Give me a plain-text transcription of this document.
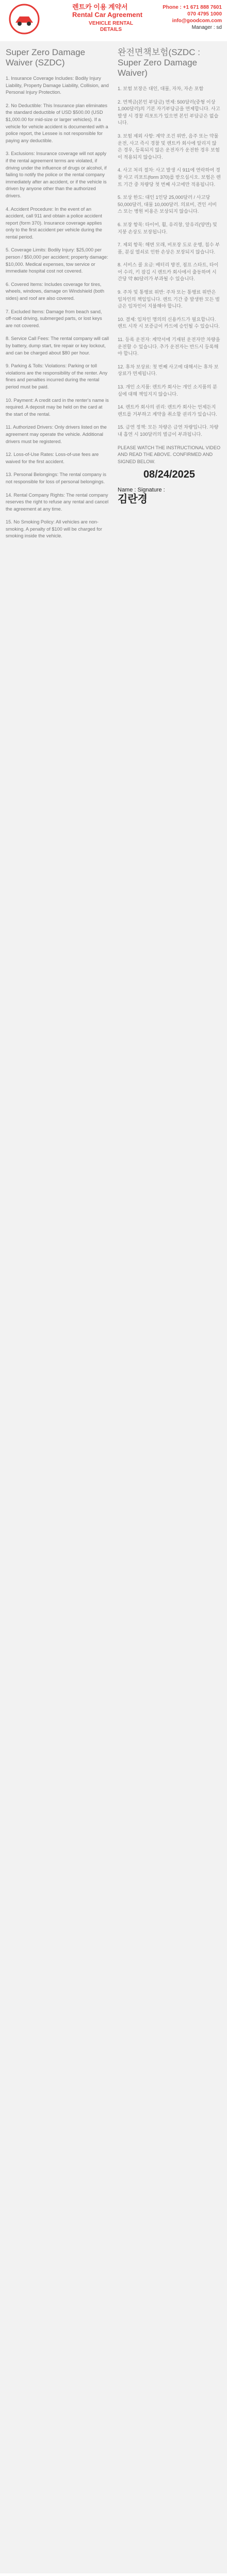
렌트카 이용 계약서
Rental Car Agreement
VEHICLE RENTAL DETAILS
Phone : +1 671 888 7601
070 4795 1000
info@goodcom.com
Manager : sd
Super Zero Damage Waiver (SZDC)

1. Insurance Coverage Includes: Bodily Injury Liability, Property Damage Liability, Collision, and Personal Injury Protection.

2. No Deductible: This Insurance plan eliminates the standard deductible of USD $500.00 (USD $1,000.00 for mid-size or larger vehicles). If a vehicle for vehicle accident is documented with a police report, the Lessee is not responsible for paying any deductible.

3. Exclusions: Insurance coverage will not apply if the rental agreement terms are violated, if driving under the influence of drugs or alcohol, if failing to notify the police or the rental company immediately after an accident, or if the vehicle is driven by anyone other than the authorized drivers.

4. Accident Procedure: In the event of an accident, call 911 and obtain a police accident report (form 370). Insurance coverage applies only to the first accident per vehicle during the rental period.

5. Coverage Limits: Bodily Injury: $25,000 per person / $50,000 per accident; property damage: $10,000. Medical expenses, tow service or immediate hospital cost not covered.

6. Covered Items: Includes coverage for tires, wheels, windows, damage on Windshield (both sides) and roof are also covered.

7. Excluded Items: Damage from beach sand, off-road driving, submerged parts, or lost keys are not covered.

8. Service Call Fees: The rental company will call by battery, dump start, tire repair or key lockout, and can be charged about $80 per hour.

9. Parking & Tolls: Violations: Parking or toll violations are the responsibility of the renter. Any fines and penalties incurred during the rental period must be paid.

10. Payment: A credit card in the renter's name is required. A deposit may be held on the card at the start of the rental.

11. Authorized Drivers: Only drivers listed on the agreement may operate the vehicle. Additional drivers must be registered.

12. Loss-of-Use Rates: Loss-of-use fees are waived for the first accident.

13. Personal Belongings: The rental company is not responsible for loss of personal belongings.

14. Rental Company Rights: The rental company reserves the right to refuse any rental and cancel the agreement at any time.

15. No Smoking Policy: All vehicles are non-smoking. A penalty of $100 will be charged for smoking inside the vehicle.

완전면책보험(SZDC : Super Zero Damage Waiver)

1. 보험 보장은 대인, 대물, 자차, 자손 포함

2. 면책금(본인 부담금) 면제: 500달러(중형 이상 1,000달러)의 기본 자기부담금을 면제합니다. 사고 발생 시 경찰 리포트가 있으면 본인 부담금은 없습니다.

3. 보험 제외 사항: 계약 조건 위반, 음주 또는 약물 운전, 사고 즉시 경찰 및 렌트카 회사에 알리지 않은 경우, 등록되지 않은 운전자가 운전한 경우 보험이 적용되지 않습니다.

4. 사고 처리 절차: 사고 발생 시 911에 연락하여 경찰 사고 리포트(form 370)를 받으십시오. 보험은 렌트 기간 중 차량당 첫 번째 사고에만 적용됩니다.

5. 보상 한도: 대인 1인당 25,000달러 / 사고당 50,000달러, 대물 10,000달러. 의료비, 견인 서비스 또는 병원 비용은 보상되지 않습니다.

6. 보장 항목: 타이어, 휠, 유리창, 앞유리(양면) 및 지붕 손상도 보장됩니다.

7. 제외 항목: 해변 모래, 비포장 도로 운행, 침수 부품, 분실 열쇠로 인한 손상은 보장되지 않습니다.

8. 서비스 콜 요금: 배터리 방전, 점프 스타트, 타이어 수리, 키 잠김 시 렌트카 회사에서 출동하며 시간당 약 80달러가 부과될 수 있습니다.

9. 주차 및 통행료 위반: 주차 또는 통행료 위반은 임차인의 책임입니다. 렌트 기간 중 발생한 모든 벌금은 임차인이 지불해야 합니다.

10. 결제: 임차인 명의의 신용카드가 필요합니다. 렌트 시작 시 보증금이 카드에 승인될 수 있습니다.

11. 등록 운전자: 계약서에 기재된 운전자만 차량을 운전할 수 있습니다. 추가 운전자는 반드시 등록해야 합니다.

12. 휴차 보상료: 첫 번째 사고에 대해서는 휴차 보상료가 면제됩니다.

13. 개인 소지품: 렌트카 회사는 개인 소지품의 분실에 대해 책임지지 않습니다.

14. 렌트카 회사의 권리: 렌트카 회사는 언제든지 렌트를 거부하고 계약을 취소할 권리가 있습니다.

15. 금연 정책: 모든 차량은 금연 차량입니다. 차량 내 흡연 시 100달러의 벌금이 부과됩니다.

PLEASE WATCH THE INSTRUCTIONAL VIDEO AND READ THE ABOVE. CONFIRMED AND SIGNED BELOW.

08/24/2025
Name : Signature :
김란경
